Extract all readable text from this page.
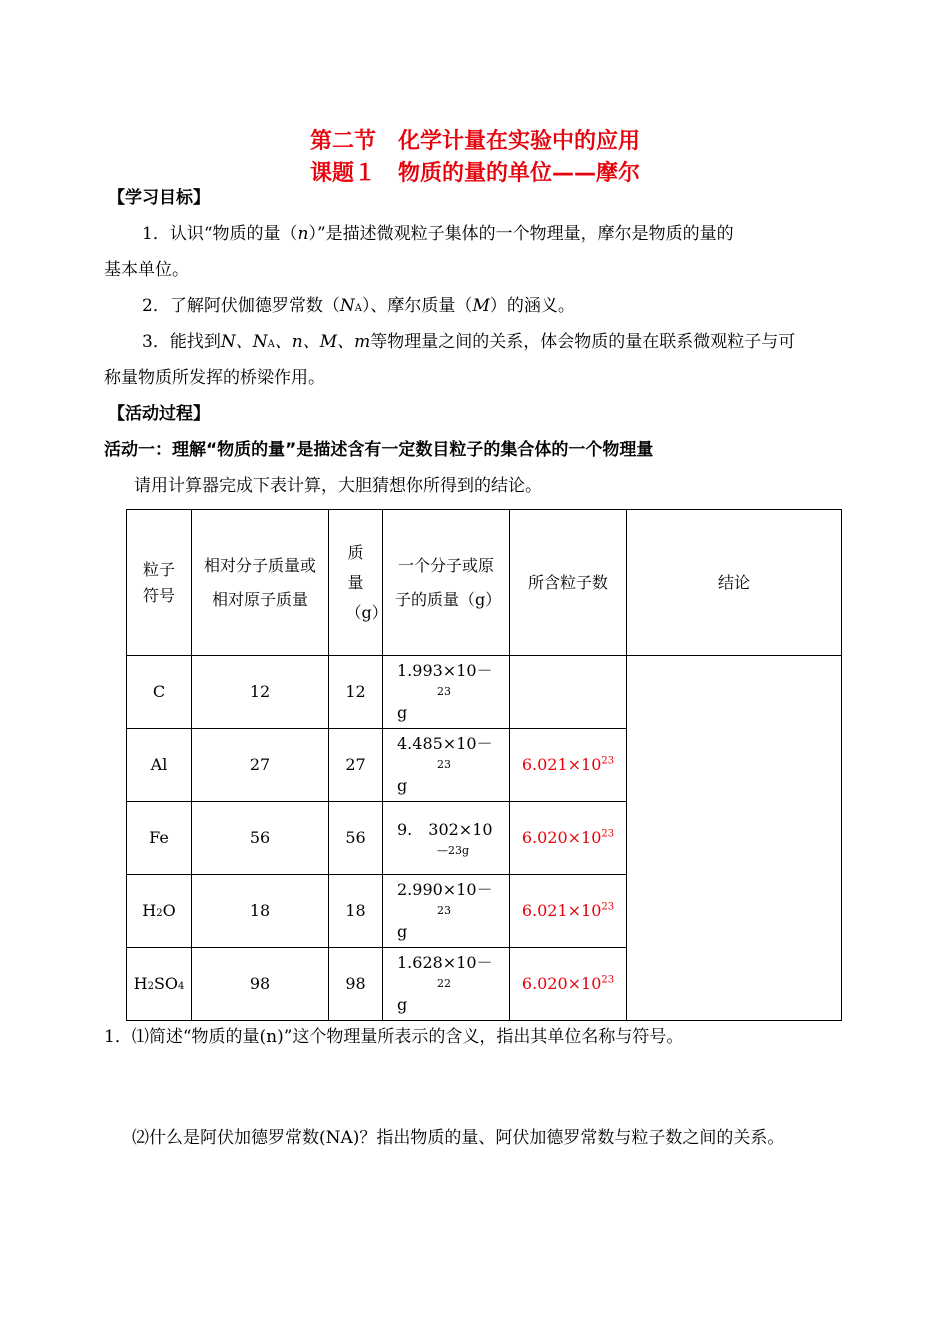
第二节　化学计量在实验中的应用
课题１　物质的量的单位——摩尔
【学习目标】
1．认识“物质的量（n）”是描述微观粒子集体的一个物理量，摩尔是物质的量的
基本单位。
2．了解阿伏伽德罗常数（NA）、摩尔质量（M）的涵义。
3．能找到N、NA、n、M、m等物理量之间的关系，体会物质的量在联系微观粒子与可
称量物质所发挥的桥梁作用。
【活动过程】
活动一：理解“物质的量”是描述含有一定数目粒子的集合体的一个物理量
请用计算器完成下表计算，大胆猜想你所得到的结论。
粒子符号	相对分子质量或相对原子质量	质量（g）	一个分子或原子的质量（g）	所含粒子数	结论
C	12	12	1.993×10－
23
g		
Al	27	27	4.485×10－
23
g	$6.021\times 10^{23}$
Fe	56	56	9.　302×10
—23g	$6.020\times 10^{23}$
H2O	18	18	2.990×10－
23
g	$6.021\times 10^{23}$
H2SO4	98	98	1.628×10－
22
g	$6.020\times 10^{23}$
1．⑴简述“物质的量(n)”这个物理量所表示的含义，指出其单位名称与符号。
⑵什么是阿伏加德罗常数(NA)？指出物质的量、阿伏加德罗常数与粒子数之间的关系。
